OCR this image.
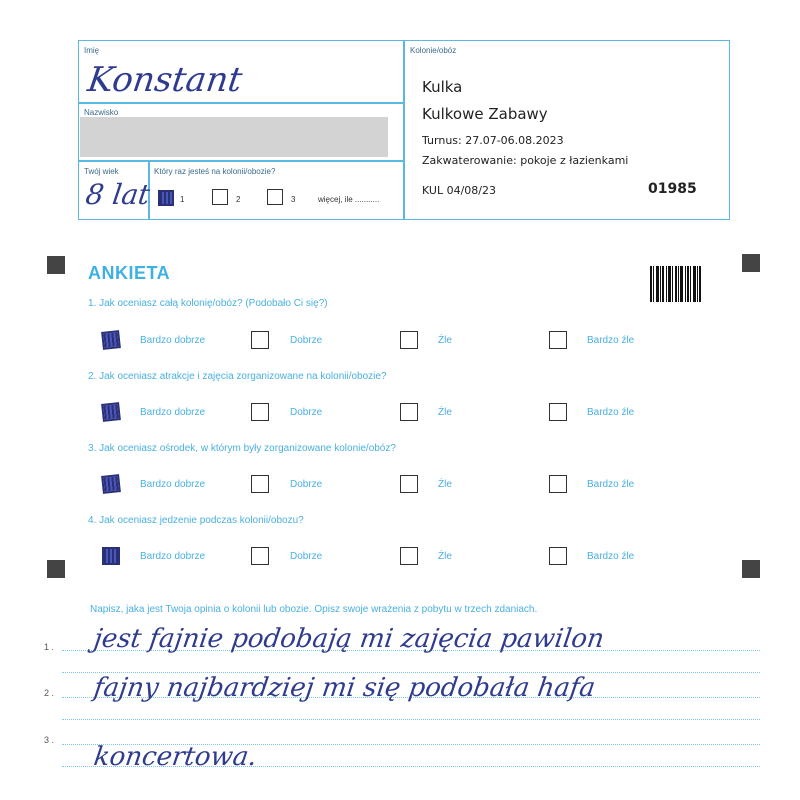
Imię
Konstant
Nazwisko
Twój wiek
8 lat
Który raz jesteś na kolonii/obozie?
1	2	3	więcej, ile ...........
Kolonie/obóz
Kulka
Kulkowe Zabawy
Turnus: 27.07-06.08.2023
Zakwaterowanie: pokoje z łazienkami
KUL 04/08/23	01985
ANKIETA
1. Jak oceniasz całą kolonię/obóz? (Podobało Ci się?)
Bardzo dobrze	Dobrze	Źle	Bardzo źle
2. Jak oceniasz atrakcje i zajęcia zorganizowane na kolonii/obozie?
Bardzo dobrze	Dobrze	Źle	Bardzo źle
3. Jak oceniasz ośrodek, w którym były zorganizowane kolonie/obóz?
Bardzo dobrze	Dobrze	Źle	Bardzo źle
4. Jak oceniasz jedzenie podczas kolonii/obozu?
Bardzo dobrze	Dobrze	Źle	Bardzo źle
Napisz, jaka jest Twoja opinia o kolonii lub obozie. Opisz swoje wrażenia z pobytu w trzech zdaniach.
1 .
2 .
3 .
jest fajnie podobają mi zajęcia pawilon
fajny najbardziej mi się podobała hafa
koncertowa.
